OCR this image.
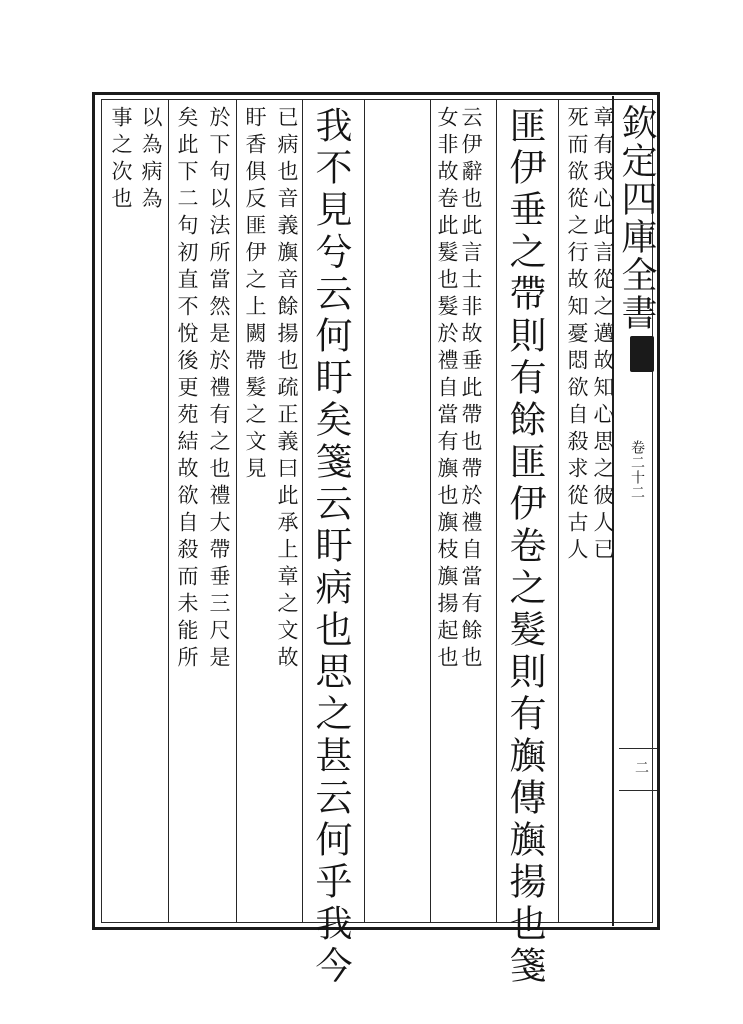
欽定四庫全書
卷二十二
二
匪伊垂之帶則有餘匪伊卷之髮則有旟傳旟揚也箋 章有我心此言從之邁故知心思之彼人已
死而欲從之行故知憂悶欲自殺求從古人
云伊辭也此言士非故垂此帶也帶於禮自當有餘也
女非故卷此髮也髮於禮自當有旟也旟枝旟揚起也
我不見兮云何盱矣箋云盱病也思之甚云何乎我今
已病也音義旟音餘揚也疏正義曰此承上章之文故
盱香俱反匪伊之上闕帶髮之文見
於下句以法所當然是於禮有之也禮大帶垂三尺是
矣此下二句初直不悅後更苑結故欲自殺而未能所
以為病為
事之次也
